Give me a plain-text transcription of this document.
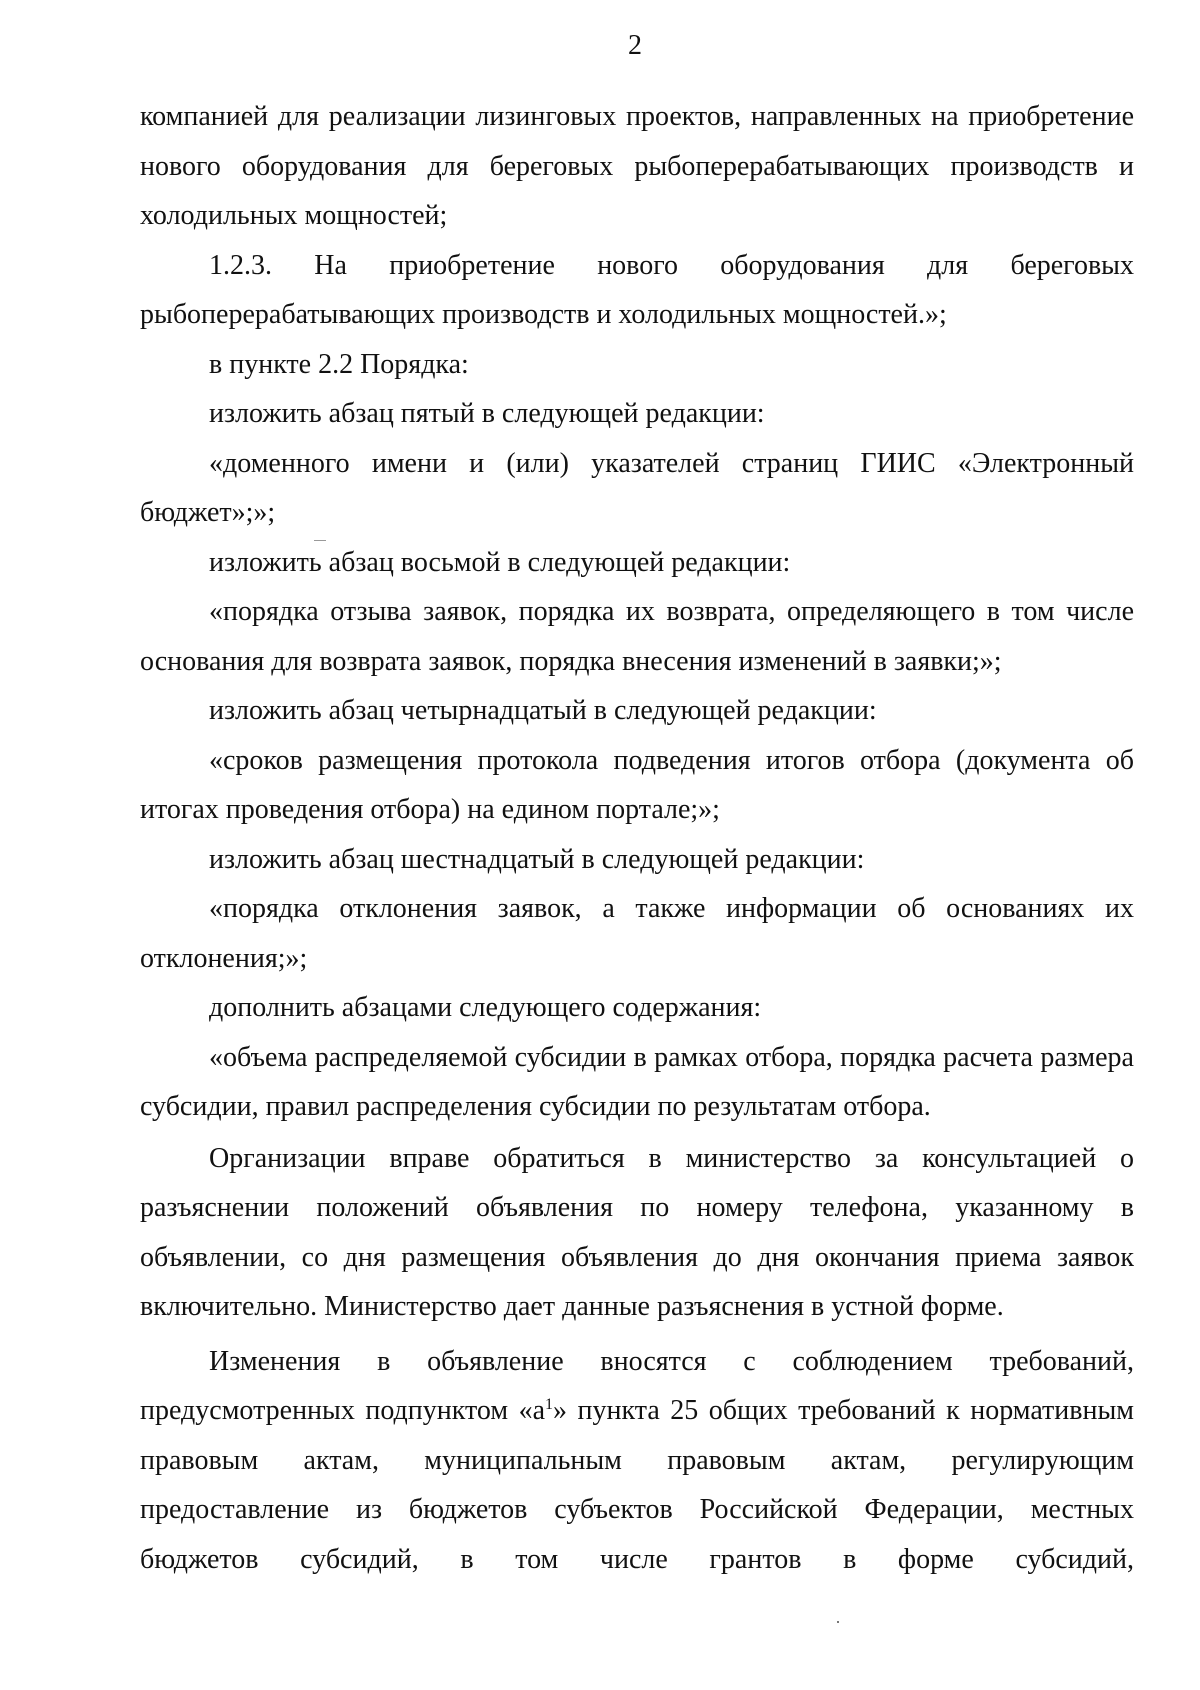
2

компанией для реализации лизинговых проектов, направленных на приобретение нового оборудования для береговых рыбоперерабатывающих производств и холодильных мощностей;

1.2.3. На приобретение нового оборудования для береговых рыбоперерабатывающих производств и холодильных мощностей.»;

в пункте 2.2 Порядка:

изложить абзац пятый в следующей редакции:

«доменного имени и (или) указателей страниц ГИИС «Электронный бюджет»;»;

изложить абзац восьмой в следующей редакции:

«порядка отзыва заявок, порядка их возврата, определяющего в том числе основания для возврата заявок, порядка внесения изменений в заявки;»;

изложить абзац четырнадцатый в следующей редакции:

«сроков размещения протокола подведения итогов отбора (документа об итогах проведения отбора) на едином портале;»;

изложить абзац шестнадцатый в следующей редакции:

«порядка отклонения заявок, а также информации об основаниях их отклонения;»;

дополнить абзацами следующего содержания:

«объема распределяемой субсидии в рамках отбора, порядка расчета размера субсидии, правил распределения субсидии по результатам отбора.

Организации вправе обратиться в министерство за консультацией о разъяснении положений объявления по номеру телефона, указанному в объявлении, со дня размещения объявления до дня окончания приема заявок включительно. Министерство дает данные разъяснения в устной форме.

Изменения в объявление вносятся с соблюдением требований, предусмотренных подпунктом «$а^1$» пункта 25 общих требований к нормативным правовым актам, муниципальным правовым актам, регулирующим предоставление из бюджетов субъектов Российской Федерации, местных бюджетов субсидий, в том числе грантов в форме субсидий,
